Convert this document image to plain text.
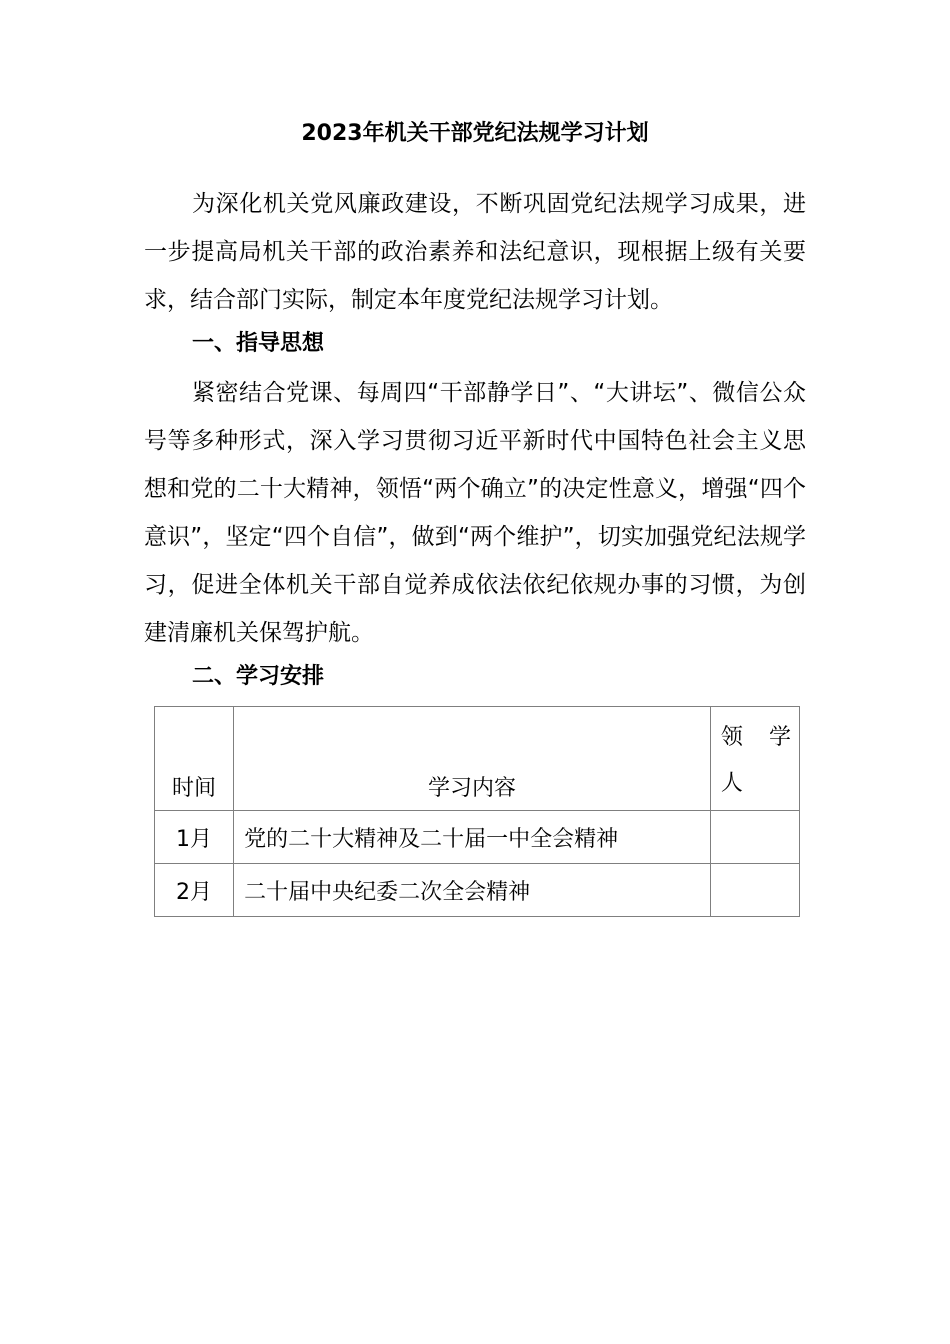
2023年机关干部党纪法规学习计划
为深化机关党风廉政建设，不断巩固党纪法规学习成果，进一步提高局机关干部的政治素养和法纪意识，现根据上级有关要求，结合部门实际，制定本年度党纪法规学习计划。
一、指导思想
紧密结合党课、每周四“干部静学日”、“大讲坛”、微信公众号等多种形式，深入学习贯彻习近平新时代中国特色社会主义思想和党的二十大精神，领悟“两个确立”的决定性意义，增强“四个意识”，坚定“四个自信”，做到“两个维护”，切实加强党纪法规学习，促进全体机关干部自觉养成依法依纪依规办事的习惯，为创建清廉机关保驾护航。
二、学习安排
时间	学习内容	领 学
人

1月	党的二十大精神及二十届一中全会精神	
2月	二十届中央纪委二次全会精神	
